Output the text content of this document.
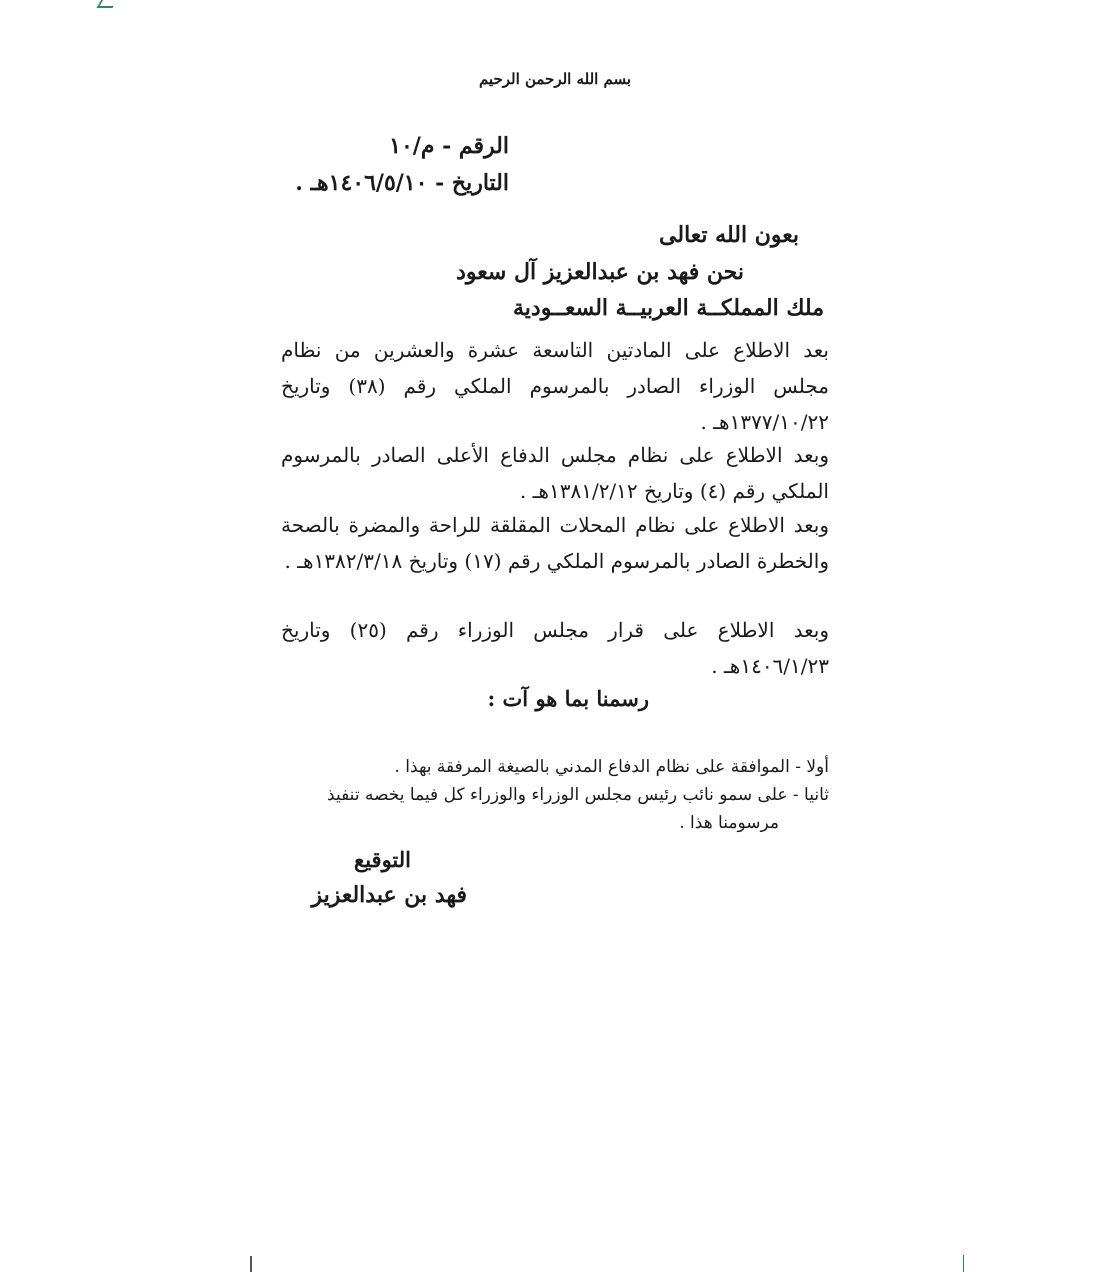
بسم الله الرحمن الرحيم
الرقم - م/١٠
التاريخ - ١٤٠٦/٥/١٠هـ .
بعون الله تعالى
نحن فهد بن عبدالعزيز آل سعود
ملك المملكــة العربيــة السعــودية
بعد الاطلاع على المادتين التاسعة عشرة والعشرين من نظام مجلس الوزراء الصادر بالمرسوم الملكي رقم (٣٨) وتاريخ ١٣٧٧/١٠/٢٢هـ .
وبعد الاطلاع على نظام مجلس الدفاع الأعلى الصادر بالمرسوم الملكي رقم (٤) وتاريخ ١٣٨١/٢/١٢هـ .
وبعد الاطلاع على نظام المحلات المقلقة للراحة والمضرة بالصحة والخطرة الصادر بالمرسوم الملكي رقم (١٧) وتاريخ ١٣٨٢/٣/١٨هـ .
وبعد الاطلاع على قرار مجلس الوزراء رقم (٢٥) وتاريخ ١٤٠٦/١/٢٣هـ .
رسمنا بما هو آت :

أولا - الموافقة على نظام الدفاع المدني بالصيغة المرفقة بهذا .

ثانيا - على سمو نائب رئيس مجلس الوزراء والوزراء كل فيما يخصه تنفيذ

مرسومنا هذا .

التوقيع
فهد بن عبدالعزيز
